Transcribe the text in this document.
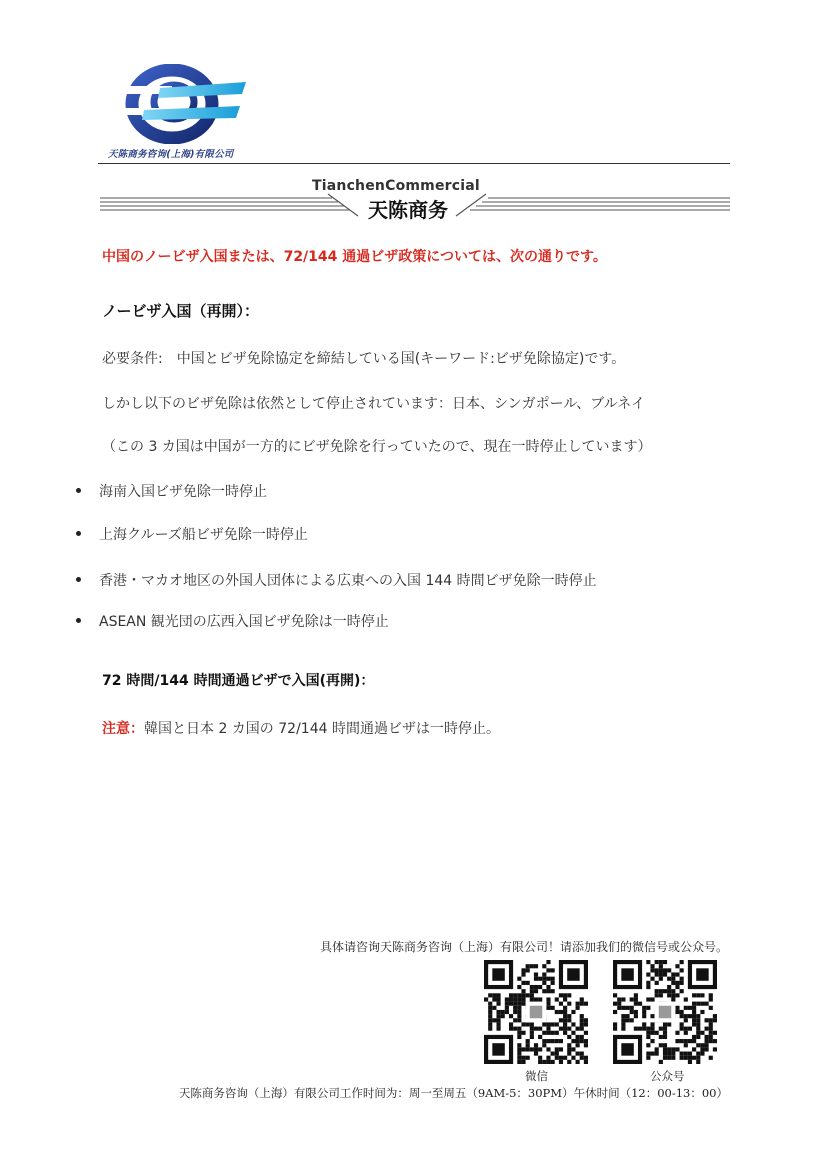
天陈商务咨询(上海)有限公司
TianchenCommercial
天陈商务
中国のノービザ入国または、72/144 通過ビザ政策については、次の通りです。
ノービザ入国（再開）：
必要条件:　中国とビザ免除協定を締結している国(キーワード:ビザ免除協定)です。
しかし以下のビザ免除は依然として停止されています：日本、シンガポール、ブルネイ
（この 3 カ国は中国が一方的にビザ免除を行っていたので、現在一時停止しています）
海南入国ビザ免除一時停止
上海クルーズ船ビザ免除一時停止
香港・マカオ地区の外国人団体による広東への入国 144 時間ビザ免除一時停止
ASEAN 観光団の広西入国ビザ免除は一時停止
72 時間/144 時間通過ビザで入国(再開)：
注意：韓国と日本 2 カ国の 72/144 時間通過ビザは一時停止。
具体请咨询天陈商务咨询（上海）有限公司！请添加我们的微信号或公众号。
微信	公众号
天陈商务咨询（上海）有限公司工作时间为：周一至周五（9AM-5：30PM）午休时间（12：00-13：00）
